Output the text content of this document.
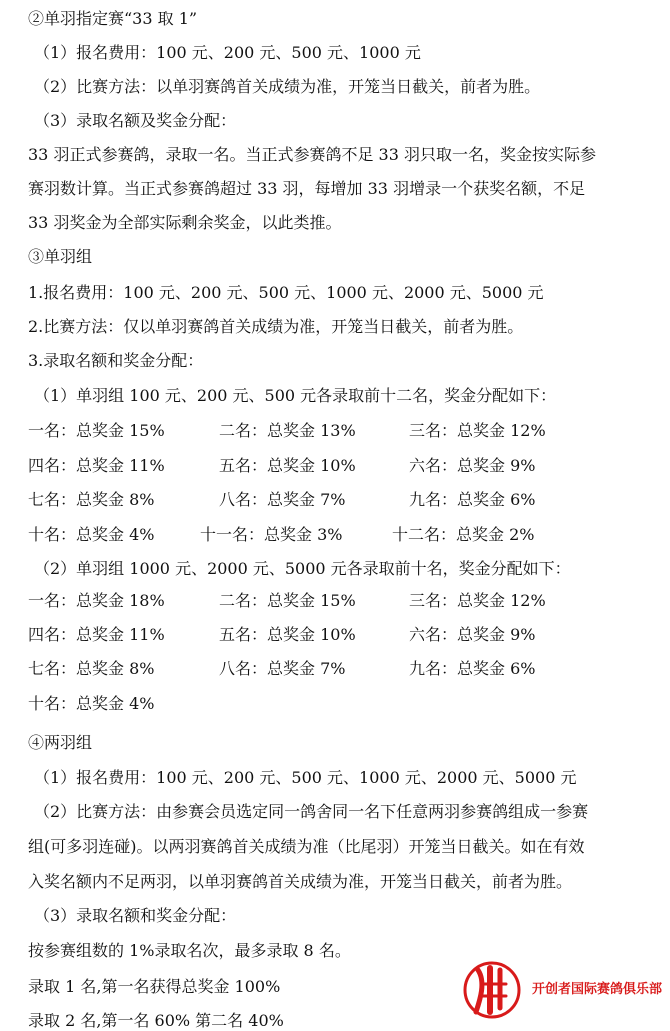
②单羽指定赛“33 取 1”
（1）报名费用：100 元、200 元、500 元、1000 元
（2）比赛方法：以单羽赛鸽首关成绩为准，开笼当日截关，前者为胜。
（3）录取名额及奖金分配：
33 羽正式参赛鸽，录取一名。当正式参赛鸽不足 33 羽只取一名，奖金按实际参
赛羽数计算。当正式参赛鸽超过 33 羽，每增加 33 羽增录一个获奖名额，不足
33 羽奖金为全部实际剩余奖金，以此类推。
③单羽组
1.报名费用：100 元、200 元、500 元、1000 元、2000 元、5000 元
2.比赛方法：仅以单羽赛鸽首关成绩为准，开笼当日截关，前者为胜。
3.录取名额和奖金分配：
（1）单羽组 100 元、200 元、500 元各录取前十二名，奖金分配如下：
一名：总奖金 15%	二名：总奖金 13%	三名：总奖金 12%
四名：总奖金 11%	五名：总奖金 10%	六名：总奖金 9%
七名：总奖金 8%	八名：总奖金 7%	九名：总奖金 6%
十名：总奖金 4%	十一名：总奖金 3%	十二名：总奖金 2%
（2）单羽组 1000 元、2000 元、5000 元各录取前十名，奖金分配如下：
一名：总奖金 18%	二名：总奖金 15%	三名：总奖金 12%
四名：总奖金 11%	五名：总奖金 10%	六名：总奖金 9%
七名：总奖金 8%	八名：总奖金 7%	九名：总奖金 6%
十名：总奖金 4%
④两羽组
（1）报名费用：100 元、200 元、500 元、1000 元、2000 元、5000 元
（2）比赛方法：由参赛会员选定同一鸽舍同一名下任意两羽参赛鸽组成一参赛
组(可多羽连碰)。以两羽赛鸽首关成绩为准（比尾羽）开笼当日截关。如在有效
入奖名额内不足两羽，以单羽赛鸽首关成绩为准，开笼当日截关，前者为胜。
（3）录取名额和奖金分配：
按参赛组数的 1%录取名次，最多录取 8 名。
录取 1 名,第一名获得总奖金 100%
录取 2 名,第一名 60% 第二名 40%
开创者国际赛鸽俱乐部
